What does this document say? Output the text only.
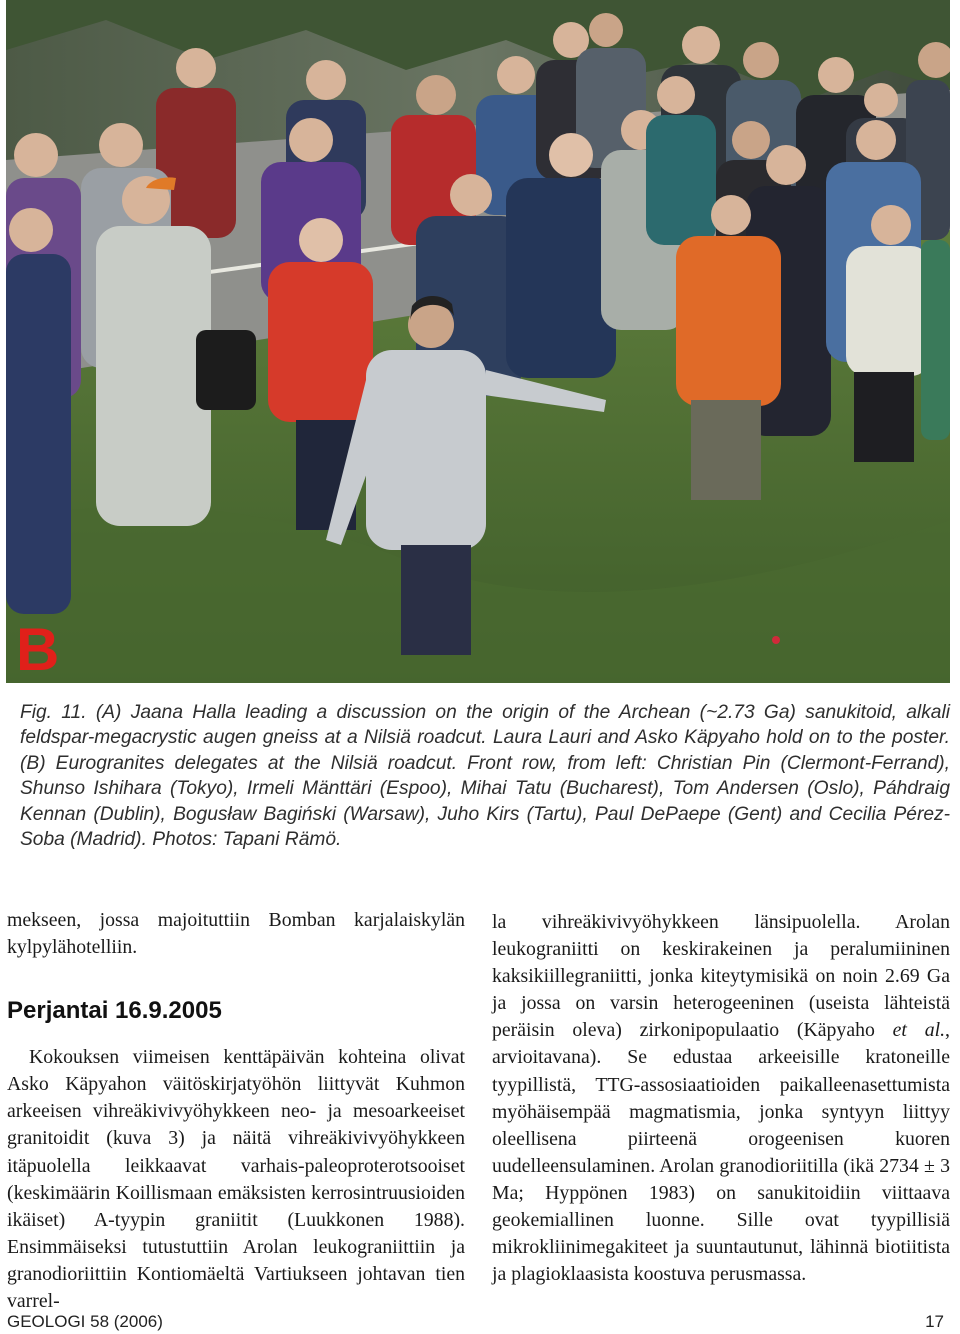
B
Fig. 11. (A) Jaana Halla leading a discussion on the origin of the Archean (~2.73 Ga) sanukitoid, alkali feldspar-megacrystic augen gneiss at a Nilsiä roadcut. Laura Lauri and Asko Käpyaho hold on to the poster. (B) Eurogranites delegates at the Nilsiä roadcut. Front row, from left: Christian Pin (Clermont-Ferrand), Shunso Ishihara (Tokyo), Irmeli Mänttäri (Espoo), Mihai Tatu (Bucharest), Tom Andersen (Oslo), Páhdraig Kennan (Dublin), Bogusław Bagiński (Warsaw), Juho Kirs (Tartu), Paul DePaepe (Gent) and Cecilia Pérez-Soba (Madrid). Photos: Tapani Rämö.

mekseen, jossa majoituttiin Bomban karjalaiskylän kylpylähotelliin.

Perjantai 16.9.2005

Kokouksen viimeisen kenttäpäivän kohteina olivat Asko Käpyahon väitöskirjatyöhön liittyvät Kuhmon arkeeisen vihreäkivivyöhykkeen neo- ja mesoarkeeiset granitoidit (kuva 3) ja näitä vihreäkivivyöhykkeen itäpuolella leikkaavat varhais-paleoproterotsooiset (keskimäärin Koillismaan emäksisten kerrosintruusioiden ikäiset) A-tyypin graniitit (Luukkonen 1988). Ensimmäiseksi tutustuttiin Arolan leukograniittiin ja granodioriittiin Kontiomäeltä Vartiukseen johtavan tien varrel-

la vihreäkivivyöhykkeen länsipuolella. Arolan leukograniitti on keskirakeinen ja peralumiininen kaksikiillegraniitti, jonka kiteytymisikä on noin 2.69 Ga ja jossa on varsin heterogeeninen (useista lähteistä peräisin oleva) zirkonipopulaatio (Käpyaho et al., arvioitavana). Se edustaa arkeeisille kratoneille tyypillistä, TTG-assosiaatioiden paikalleenasettumista myöhäisempää magmatismia, jonka syntyyn liittyy oleellisena piirteenä orogeenisen kuoren uudelleensulaminen. Arolan granodioriitilla (ikä 2734 ± 3 Ma; Hyppönen 1983) on sanukitoidiin viittaava geokemiallinen luonne. Sille ovat tyypillisiä mikrokliinimegakiteet ja suuntautunut, lähinnä biotiitista ja plagioklaasista koostuva perusmassa.

GEOLOGI 58 (2006)	17
